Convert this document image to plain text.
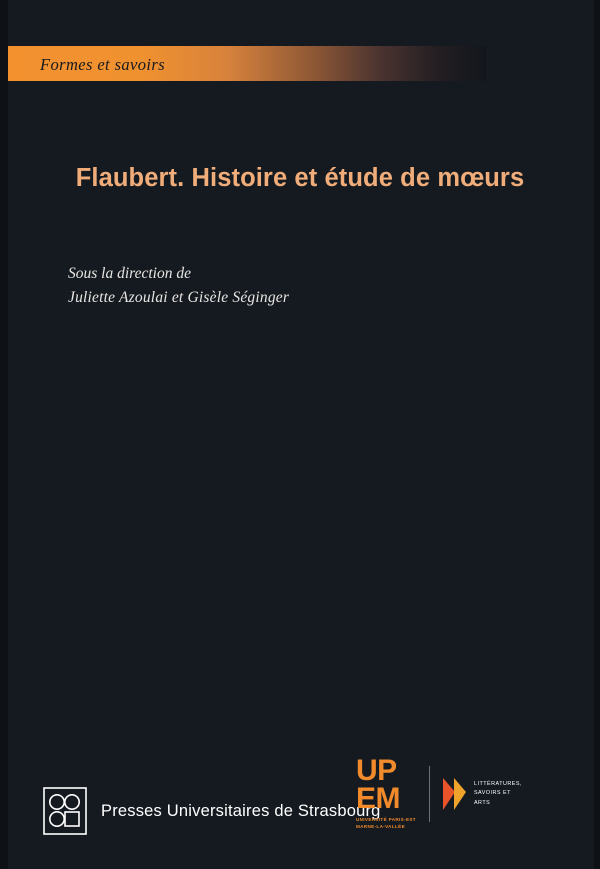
Formes et savoirs
Flaubert. Histoire et étude de mœurs
Sous la direction de
Juliette Azoulai et Gisèle Séginger
Presses Universitaires de Strasbourg
UP
EM
UNIVERSITÉ PARIS-EST
MARNE-LA-VALLÉE
LITTÉRATURES,
SAVOIRS ET
ARTS
